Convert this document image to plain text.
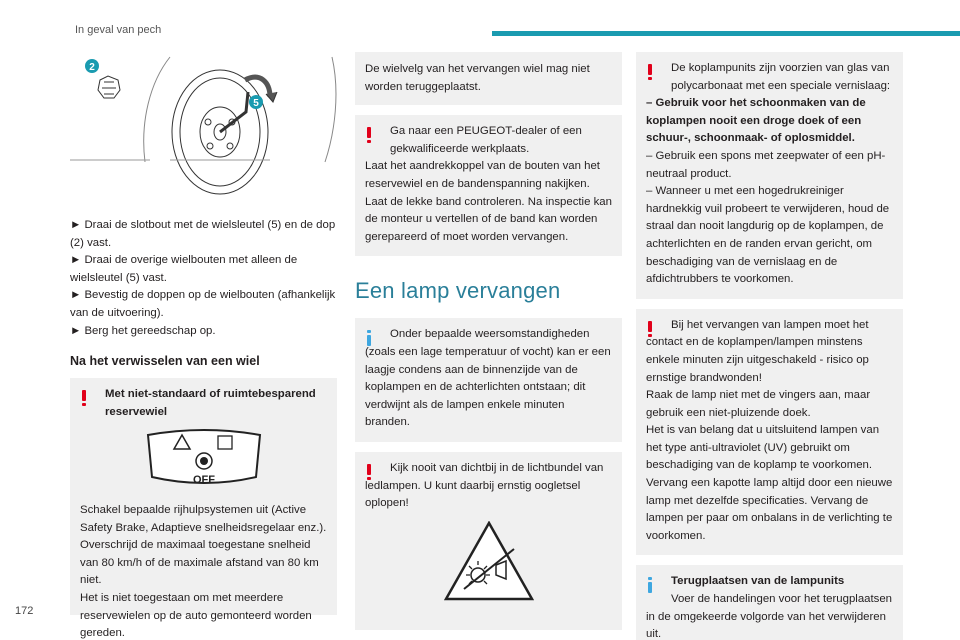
In geval van pech
2
5
► Draai de slotbout met de wielsleutel (5) en de dop (2) vast.
► Draai de overige wielbouten met alleen de wielsleutel (5) vast.
► Bevestig de doppen op de wielbouten (afhankelijk van de uitvoering).
► Berg het gereedschap op.
Na het verwisselen van een wiel
Met niet-standaard of ruimtebesparend reservewiel
OFF
Schakel bepaalde rijhulpsystemen uit (Active Safety Brake, Adaptieve snelheidsregelaar enz.).
Overschrijd de maximaal toegestane snelheid van 80 km/h of de maximale afstand van 80 km niet.
Het is niet toegestaan om met meerdere reservewielen op de auto gemonteerd worden gereden.
De wielvelg van het vervangen wiel mag niet worden teruggeplaatst.
Ga naar een PEUGEOT-dealer of een gekwalificeerde werkplaats.
Laat het aandrekkoppel van de bouten van het reservewiel en de bandenspanning nakijken.
Laat de lekke band controleren. Na inspectie kan de monteur u vertellen of de band kan worden gerepareerd of moet worden vervangen.
Een lamp vervangen
Onder bepaalde weersomstandigheden (zoals een lage temperatuur of vocht) kan er een laagje condens aan de binnenzijde van de koplampen en de achterlichten ontstaan; dit verdwijnt als de lampen enkele minuten branden.
Kijk nooit van dichtbij in de lichtbundel van ledlampen. U kunt daarbij ernstig oogletsel oplopen!
De koplampunits zijn voorzien van glas van polycarbonaat met een speciale vernislaag:
– Gebruik voor het schoonmaken van de koplampen nooit een droge doek of een schuur-, schoonmaak- of oplosmiddel.
– Gebruik een spons met zeepwater of een pH-neutraal product.
– Wanneer u met een hogedrukreiniger hardnekkig vuil probeert te verwijderen, houd de straal dan nooit langdurig op de koplampen, de achterlichten en de randen ervan gericht, om beschadiging van de vernislaag en de afdichtrubbers te voorkomen.
Bij het vervangen van lampen moet het contact en de koplampen/lampen minstens enkele minuten zijn uitgeschakeld - risico op ernstige brandwonden!
Raak de lamp niet met de vingers aan, maar gebruik een niet-pluizende doek.
Het is van belang dat u uitsluitend lampen van het type anti-ultraviolet (UV) gebruikt om beschadiging van de koplamp te voorkomen.
Vervang een kapotte lamp altijd door een nieuwe lamp met dezelfde specificaties. Vervang de lampen per paar om onbalans in de verlichting te voorkomen.
Terugplaatsen van de lampunits
Voer de handelingen voor het terugplaatsen in de omgekeerde volgorde van het verwijderen uit.
172
